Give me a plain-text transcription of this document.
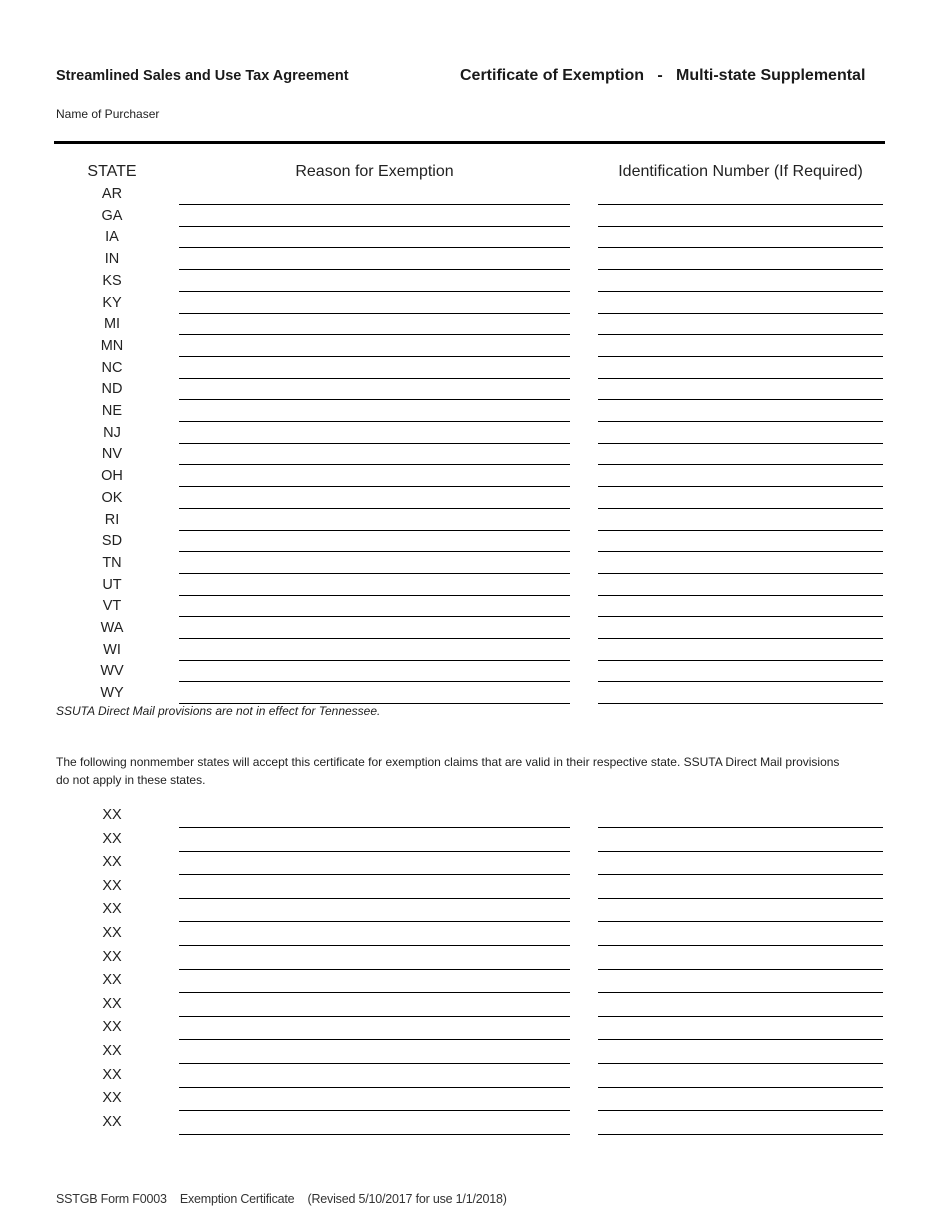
Streamlined Sales and Use Tax Agreement	Certificate of Exemption   -   Multi-state Supplemental
Name of Purchaser
STATE	Reason for Exemption	Identification Number (If Required)
AR
GA
IA
IN
KS
KY
MI
MN
NC
ND
NE
NJ
NV
OH
OK
RI
SD
TN
UT
VT
WA
WI
WV
WY
SSUTA Direct Mail provisions are not in effect for Tennessee.
The following nonmember states will accept this certificate for exemption claims that are valid in their respective state. SSUTA Direct Mail provisions do not apply in these states.
XX
XX
XX
XX
XX
XX
XX
XX
XX
XX
XX
XX
XX
XX
SSTGB Form F0003    Exemption Certificate    (Revised 5/10/2017 for use 1/1/2018)
